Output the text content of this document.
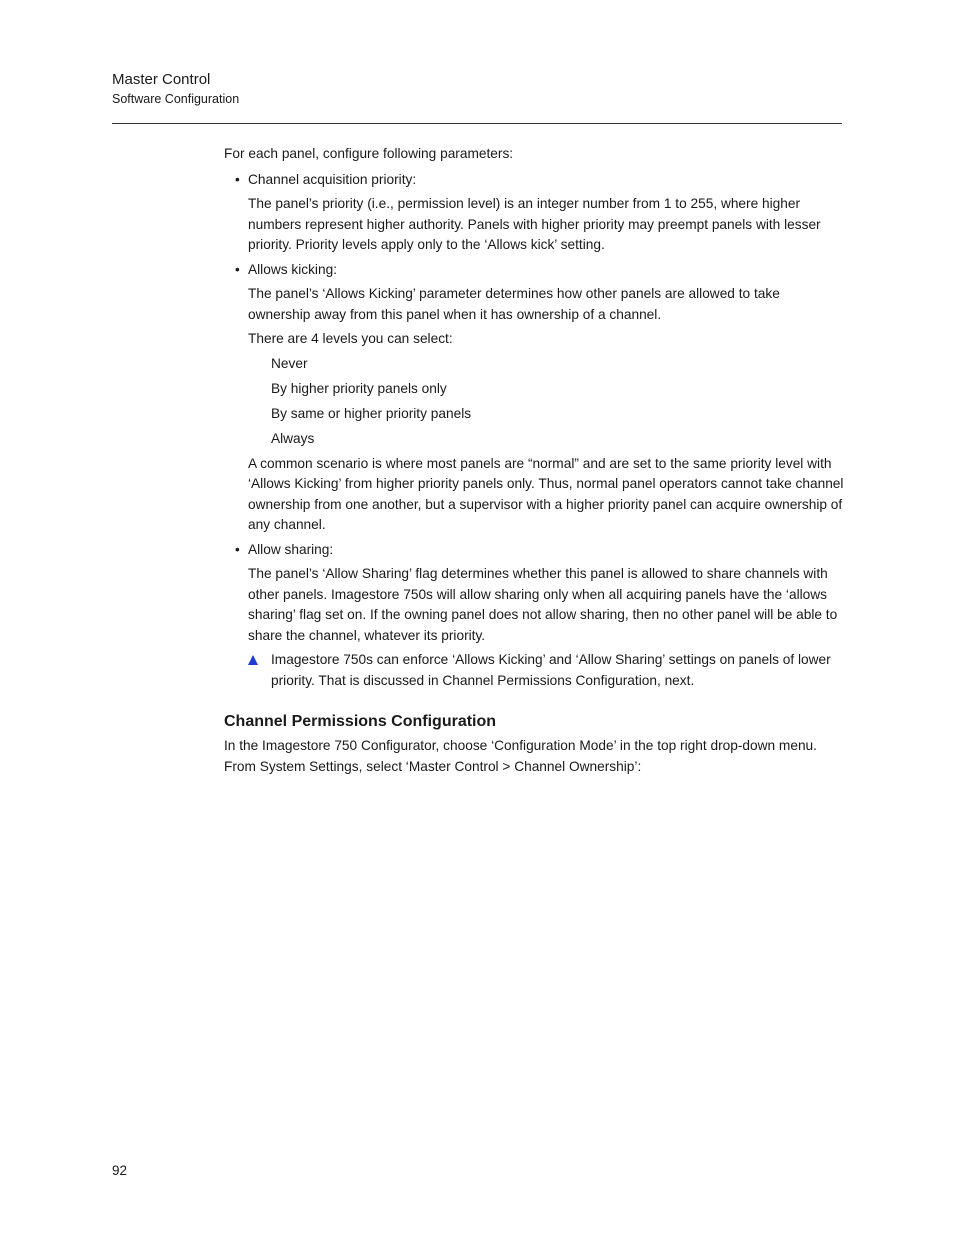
Master Control

Software Configuration

For each panel, configure following parameters:

• Channel acquisition priority:

The panel’s priority (i.e., permission level) is an integer number from 1 to 255, where higher numbers represent higher authority. Panels with higher priority may preempt panels with lesser priority. Priority levels apply only to the ‘Allows kick’ setting.

• Allows kicking:

The panel’s ‘Allows Kicking’ parameter determines how other panels are allowed to take ownership away from this panel when it has ownership of a channel.

There are 4 levels you can select:

Never

By higher priority panels only

By same or higher priority panels

Always

A common scenario is where most panels are “normal” and are set to the same priority level with ‘Allows Kicking’ from higher priority panels only. Thus, normal panel operators cannot take channel ownership from one another, but a supervisor with a higher priority panel can acquire ownership of any channel.

• Allow sharing:

The panel’s ‘Allow Sharing’ flag determines whether this panel is allowed to share channels with other panels. Imagestore 750s will allow sharing only when all acquiring panels have the ‘allows sharing’ flag set on. If the owning panel does not allow sharing, then no other panel will be able to share the channel, whatever its priority.

Imagestore 750s can enforce ‘Allows Kicking’ and ‘Allow Sharing’ settings on panels of lower priority. That is discussed in Channel Permissions Configuration, next.

Channel Permissions Configuration

In the Imagestore 750 Configurator, choose ‘Configuration Mode’ in the top right drop-down menu. From System Settings, select ‘Master Control > Channel Ownership’:

92
